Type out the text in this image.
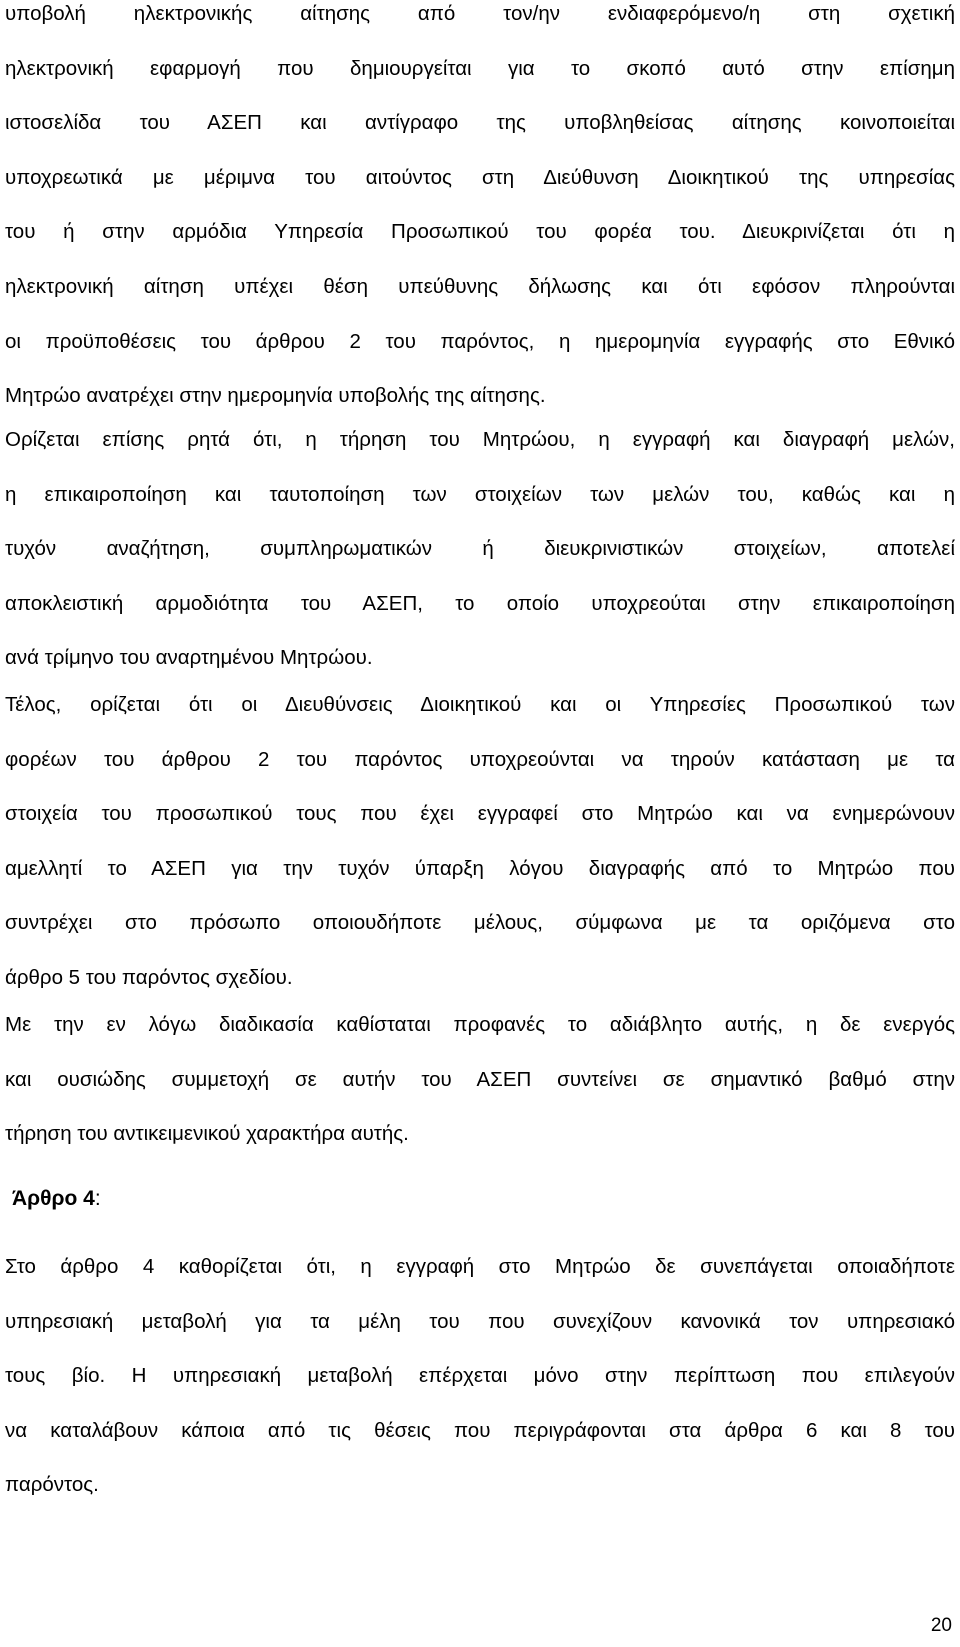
υποβολή ηλεκτρονικής αίτησης από τον/ην ενδιαφερόμενο/η στη σχετική
ηλεκτρονική εφαρμογή που δημιουργείται για το σκοπό αυτό στην επίσημη
ιστοσελίδα του ΑΣΕΠ και αντίγραφο της υποβληθείσας αίτησης κοινοποιείται
υποχρεωτικά με μέριμνα του αιτούντος στη Διεύθυνση Διοικητικού της υπηρεσίας
του ή στην αρμόδια Υπηρεσία Προσωπικού του φορέα του. Διευκρινίζεται ότι η
ηλεκτρονική αίτηση υπέχει θέση υπεύθυνης δήλωσης και ότι εφόσον πληρούνται
οι προϋποθέσεις του άρθρου 2 του παρόντος, η ημερομηνία εγγραφής στο Εθνικό
Μητρώο ανατρέχει στην ημερομηνία υποβολής της αίτησης.
Ορίζεται επίσης ρητά ότι, η τήρηση του Μητρώου, η εγγραφή και διαγραφή μελών,
η επικαιροποίηση και ταυτοποίηση των στοιχείων των μελών του, καθώς και η
τυχόν αναζήτηση, συμπληρωματικών ή διευκρινιστικών στοιχείων, αποτελεί
αποκλειστική αρμοδιότητα του ΑΣΕΠ, το οποίο υποχρεούται στην επικαιροποίηση
ανά τρίμηνο του αναρτημένου Μητρώου.
Τέλος, ορίζεται ότι οι Διευθύνσεις Διοικητικού και οι Υπηρεσίες Προσωπικού των
φορέων του άρθρου 2 του παρόντος υποχρεούνται να τηρούν κατάσταση με τα
στοιχεία του προσωπικού τους που έχει εγγραφεί στο Μητρώο και να ενημερώνουν
αμελλητί το ΑΣΕΠ για την τυχόν ύπαρξη λόγου διαγραφής από το Μητρώο που
συντρέχει στο πρόσωπο οποιουδήποτε μέλους, σύμφωνα με τα οριζόμενα στο
άρθρο 5 του παρόντος σχεδίου.
Με την εν λόγω διαδικασία καθίσταται προφανές το αδιάβλητο αυτής, η δε ενεργός
και ουσιώδης συμμετοχή σε αυτήν του ΑΣΕΠ συντείνει σε σημαντικό βαθμό στην
τήρηση του αντικειμενικού χαρακτήρα αυτής.

Άρθρο 4:

Στο άρθρο 4 καθορίζεται ότι, η εγγραφή στο Μητρώο δε συνεπάγεται οποιαδήποτε
υπηρεσιακή μεταβολή για τα μέλη του που συνεχίζουν κανονικά τον υπηρεσιακό
τους βίο. Η υπηρεσιακή μεταβολή επέρχεται μόνο στην περίπτωση που επιλεγούν
να καταλάβουν κάποια από τις θέσεις που περιγράφονται στα άρθρα 6 και 8 του
παρόντος.
20
